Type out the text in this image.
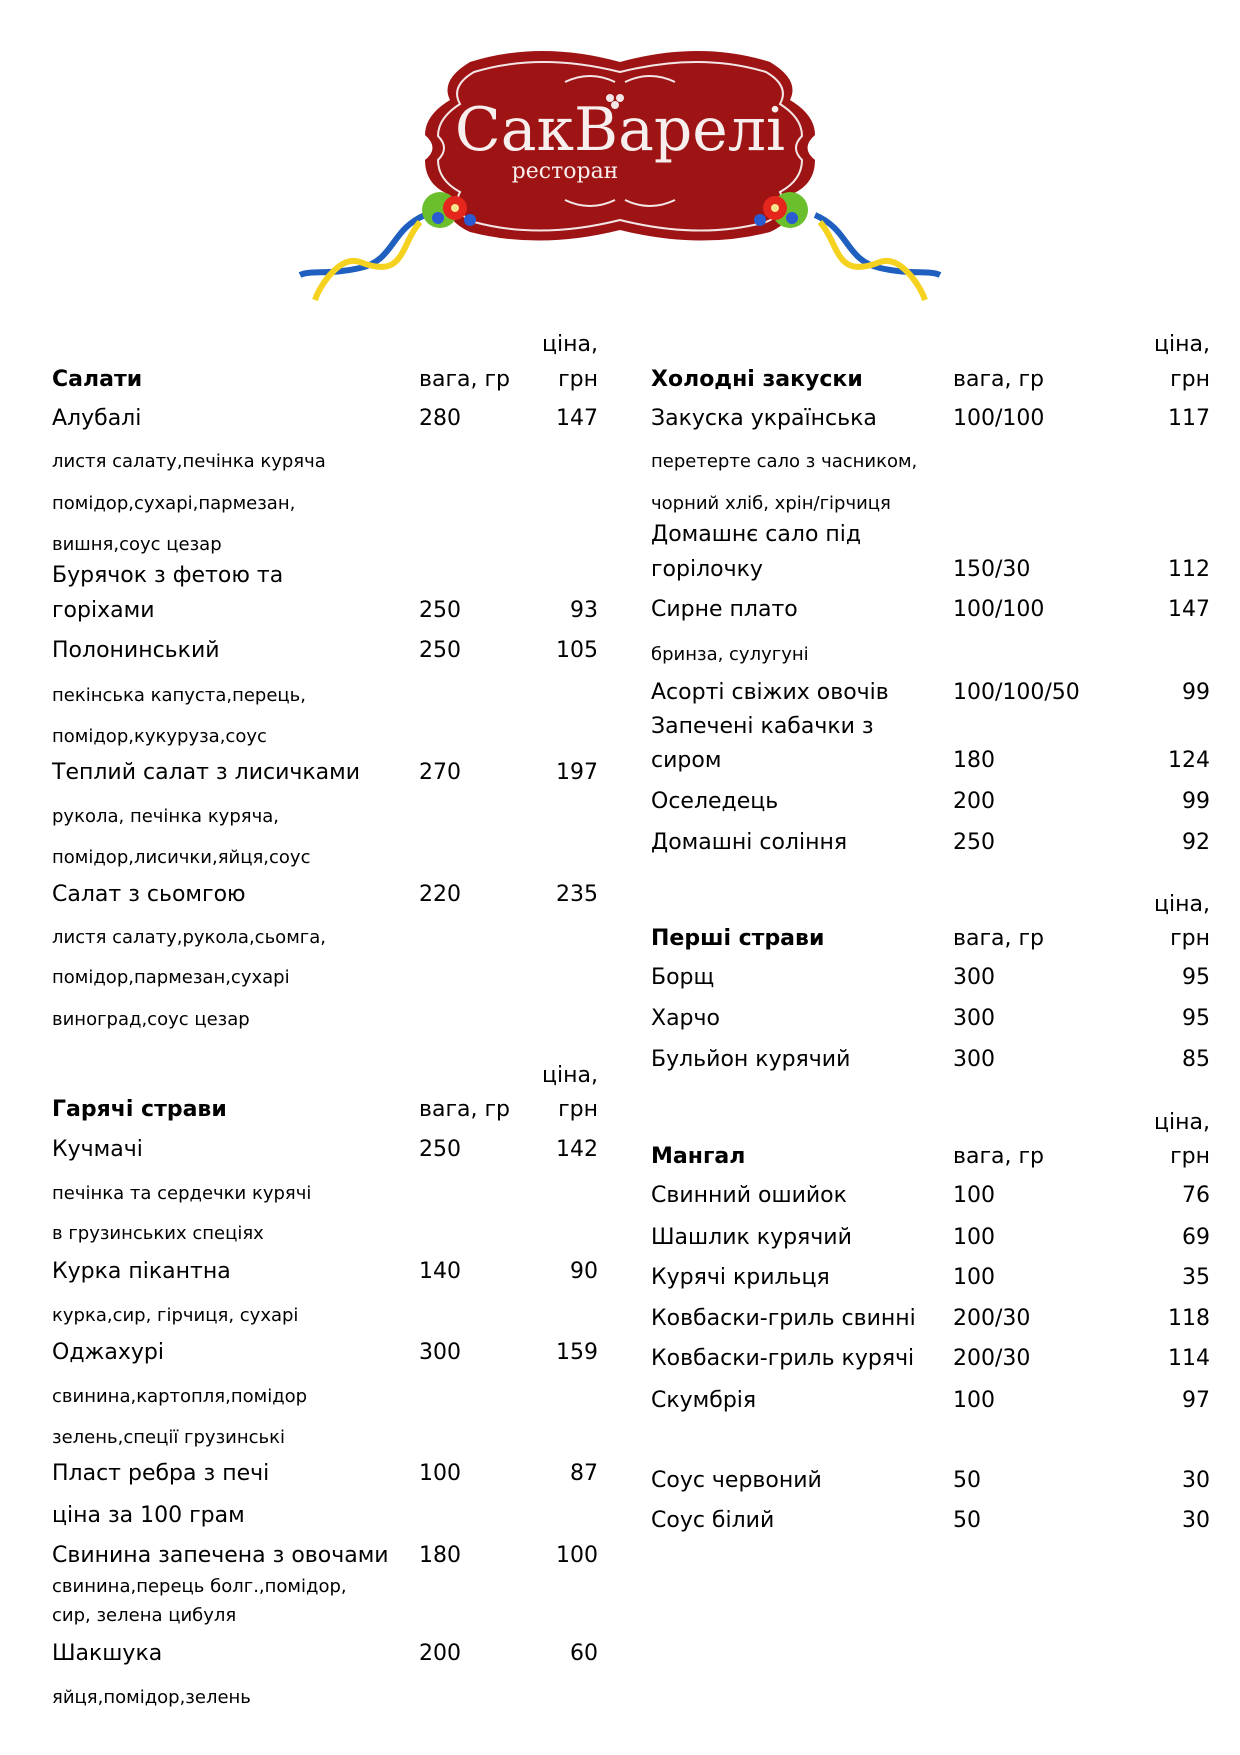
СакВарелі
ресторан
ціна,
Салати	вага, гр грн
Алубалі	280	147
листя салату,печінка куряча
помідор,сухарі,пармезан,
вишня,соус цезар
Бурячок з фетою та
горіхами	250	93
Полонинський	250	105
пекінська капуста,перець,
помідор,кукуруза,соус
Теплий салат з лисичками	270	197
рукола, печінка куряча,
помідор,лисички,яйця,соус
Салат з сьомгою	220	235
листя салату,рукола,сьомга,
помідор,пармезан,сухарі
виноград,соус цезар
ціна,
Гарячі страви	вага, гр грн
Кучмачі	250	142
печінка та сердечки курячі
в грузинських спеціях
Курка пікантна	140	90
курка,сир, гірчиця, сухарі
Оджахурі	300	159
свинина,картопля,помідор
зелень,спеції грузинські
Пласт ребра з печі	100	87
ціна за 100 грам
Свинина запечена з овочами 180	100
свинина,перець болг.,помідор,
сир, зелена цибуля
Шакшука	200	60
яйця,помідор,зелень
ціна,
Холодні закуски	вага, гр	грн
Закуска українська	100/100	117
перетерте сало з часником,
чорний хліб, хрін/гірчиця
Домашнє сало під
горілочку	150/30	112
Сирне плато	100/100	147
бринза, сулугуні
Асорті свіжих овочів	100/100/50	99
Запечені кабачки з
сиром	180	124
Оселедець	200	99
Домашні соління	250	92
ціна,
Перші страви	вага, гр	грн
Борщ	300	95
Харчо	300	95
Бульйон курячий	300	85
ціна,
Мангал	вага, гр	грн
Свинний ошийок	100	76
Шашлик курячий	100	69
Курячі крильця	100	35
Ковбаски-гриль свинні 200/30	118
Ковбаски-гриль курячі 200/30	114
Скумбрія	100	97
Соус червоний	50	30
Соус білий	50	30
